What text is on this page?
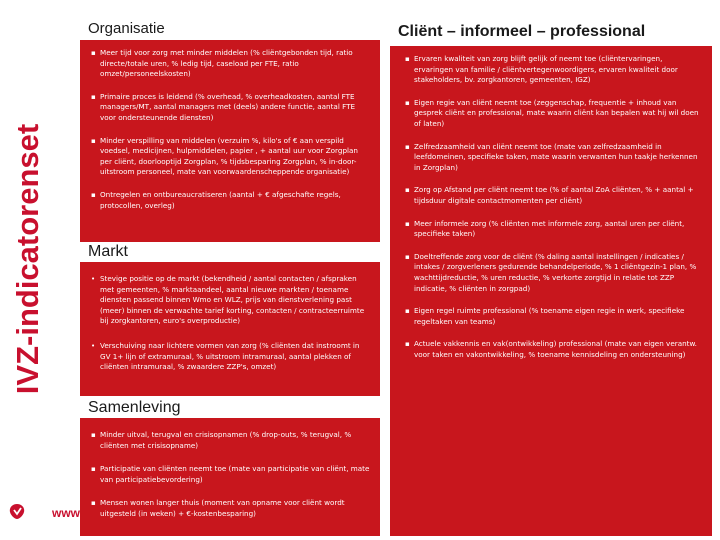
IVZ-indicatorenset
Organisatie
▪ Meer tijd voor zorg met minder middelen (% cliëntgebonden tijd, ratio directe/totale uren, % ledig tijd, caseload per FTE, ratio omzet/personeelskosten)
▪ Primaire proces is leidend (% overhead, % overheadkosten, aantal FTE managers/MT, aantal managers met (deels) andere functie, aantal FTE voor ondersteunende diensten)
▪ Minder verspilling van middelen (verzuim %, kilo's of € aan verspild voedsel, medicijnen, hulpmiddelen, papier , + aantal uur voor Zorgplan per cliënt, doorlooptijd Zorgplan, % tijdsbesparing Zorgplan, % in-door-uitstroom personeel, mate van voorwaardenscheppende organisatie)
▪ Ontregelen en ontbureaucratiseren (aantal + € afgeschafte regels, protocollen, overleg)
Markt
• Stevige positie op de markt (bekendheid / aantal contacten / afspraken met gemeenten, % marktaandeel, aantal nieuwe markten / toename diensten passend binnen Wmo en WLZ, prijs van dienstverlening past (meer) binnen de verwachte tarief korting, contacten / contracteerruimte bij zorgkantoren, euro's overproductie)
• Verschuiving naar lichtere vormen van zorg (% cliënten dat instroomt in GV 1+ lijn of extramuraal, % uitstroom intramuraal, aantal plekken of cliënten intramuraal, % zwaardere ZZP's, omzet)
Samenleving
▪ Minder uitval, terugval en crisisopnamen (% drop-outs, % terugval, % cliënten met crisisopname)
▪ Participatie van cliënten neemt toe (mate van participatie van cliënt, mate van participatiebevordering)
▪ Mensen wonen langer thuis (moment van opname voor cliënt wordt uitgesteld (in weken) + €-kostenbesparing)
Cliënt – informeel – professional
▪ Ervaren kwaliteit van zorg blijft gelijk of neemt toe (cliëntervaringen, ervaringen van familie / cliëntvertegenwoordigers, ervaren kwaliteit door stakeholders, bv. zorgkantoren, gemeenten, IGZ)
▪ Eigen regie van cliënt neemt toe (zeggenschap, frequentie + inhoud van gesprek cliënt en professional, mate waarin cliënt kan bepalen wat hij wil doen of laten)
▪ Zelfredzaamheid van cliënt neemt toe (mate van zelfredzaamheid in leefdomeinen, specifieke taken, mate waarin verwanten hun taakje herkennen in Zorgplan)
▪ Zorg op Afstand per cliënt neemt toe (% of aantal ZoA cliënten, % + aantal + tijdsduur digitale contactmomenten per cliënt)
▪ Meer informele zorg (% cliënten met informele zorg, aantal uren per cliënt, specifieke taken)
▪ Doeltreffende zorg voor de cliënt (% daling aantal instellingen / indicaties / intakes / zorgverleners gedurende behandelperiode, % 1 cliëntgezin-1 plan, % wachttijdreductie, % uren reductie, % verkorte zorgtijd in relatie tot ZZP indicatie, % cliënten in zorgpad)
▪ Eigen regel ruimte professional (% toename eigen regie in werk, specifieke regeltaken van teams)
▪ Actuele vakkennis en vak(ontwikkeling) professional (mate van eigen verantw. voor taken en vakontwikkeling, % toename kennisdeling en ondersteuning)
www
